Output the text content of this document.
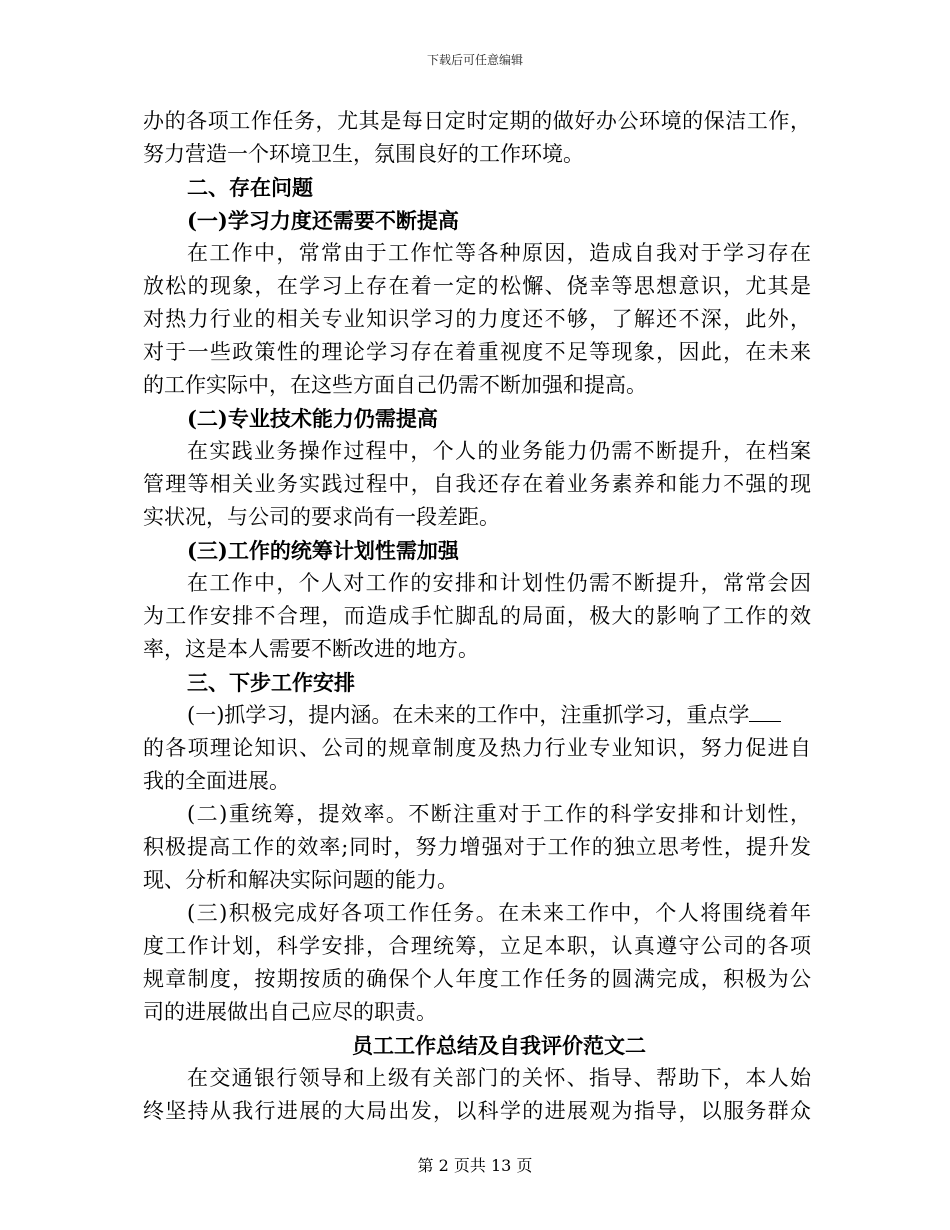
下载后可任意编辑
办的各项工作任务，尤其是每日定时定期的做好办公环境的保洁工作，
努力营造一个环境卫生，氛围良好的工作环境。
二、存在问题
(一)学习力度还需要不断提高
在工作中，常常由于工作忙等各种原因，造成自我对于学习存在
放松的现象，在学习上存在着一定的松懈、侥幸等思想意识，尤其是
对热力行业的相关专业知识学习的力度还不够，了解还不深，此外，
对于一些政策性的理论学习存在着重视度不足等现象，因此，在未来
的工作实际中，在这些方面自己仍需不断加强和提高。
(二)专业技术能力仍需提高
在实践业务操作过程中，个人的业务能力仍需不断提升，在档案
管理等相关业务实践过程中，自我还存在着业务素养和能力不强的现
实状况，与公司的要求尚有一段差距。
(三)工作的统筹计划性需加强
在工作中，个人对工作的安排和计划性仍需不断提升，常常会因
为工作安排不合理，而造成手忙脚乱的局面，极大的影响了工作的效
率，这是本人需要不断改进的地方。
三、下步工作安排
(一)抓学习，提内涵。在未来的工作中，注重抓学习，重点学
的各项理论知识、公司的规章制度及热力行业专业知识，努力促进自
我的全面进展。
(二)重统筹，提效率。不断注重对于工作的科学安排和计划性，
积极提高工作的效率;同时，努力增强对于工作的独立思考性，提升发
现、分析和解决实际问题的能力。
(三)积极完成好各项工作任务。在未来工作中，个人将围绕着年
度工作计划，科学安排，合理统筹，立足本职，认真遵守公司的各项
规章制度，按期按质的确保个人年度工作任务的圆满完成，积极为公
司的进展做出自己应尽的职责。
员工工作总结及自我评价范文二
在交通银行领导和上级有关部门的关怀、指导、帮助下，本人始
终坚持从我行进展的大局出发，以科学的进展观为指导，以服务群众
第 2 页共 13 页
